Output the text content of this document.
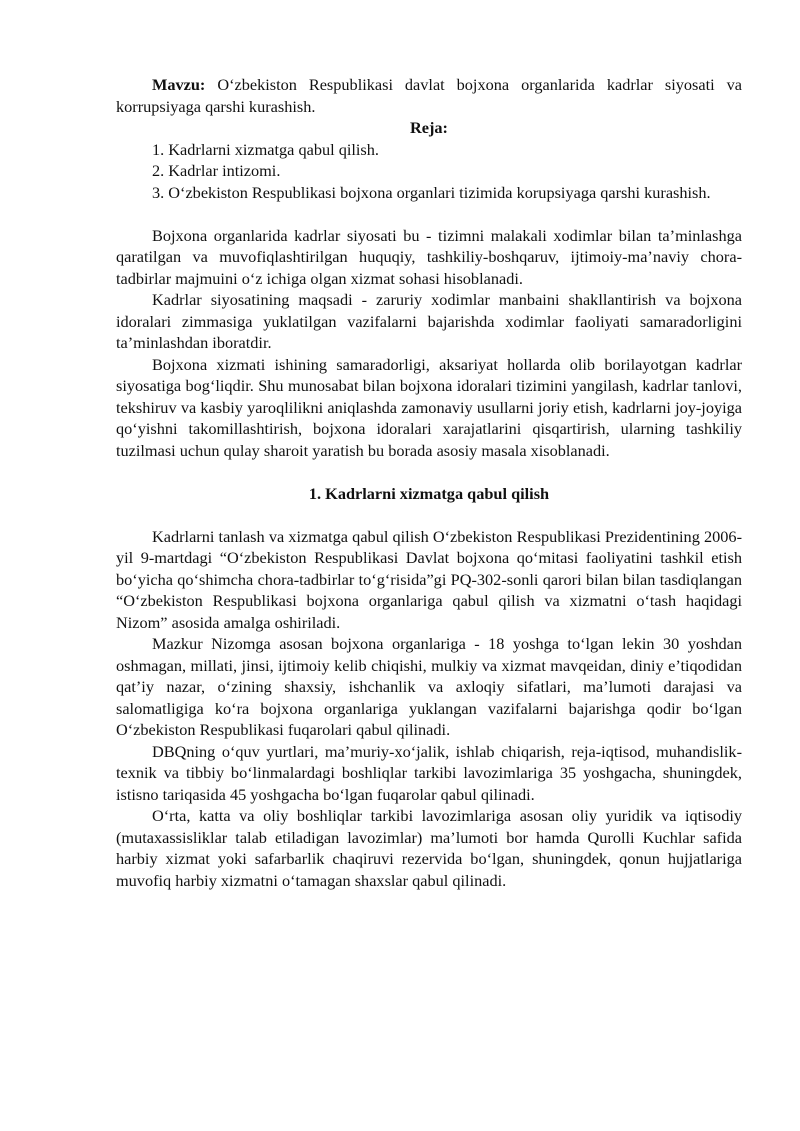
Mavzu: O‘zbekiston Respublikasi davlat bojxona organlarida kadrlar siyosati va korrupsiyaga qarshi kurashish.

Reja:

1. Kadrlarni xizmatga qabul qilish.

2. Kadrlar intizomi.

3. O‘zbekiston Respublikasi bojxona organlari tizimida korupsiyaga qarshi kurashish.

Bojxona organlarida kadrlar siyosati bu - tizimni malakali xodimlar bilan ta’minlashga qaratilgan va muvofiqlashtirilgan huquqiy, tashkiliy-boshqaruv, ijtimoiy-ma’naviy chora-tadbirlar majmuini o‘z ichiga olgan xizmat sohasi hisoblanadi.

Kadrlar siyosatining maqsadi - zaruriy xodimlar manbaini shakllantirish va bojxona idoralari zimmasiga yuklatilgan vazifalarni bajarishda xodimlar faoliyati samaradorligini ta’minlashdan iboratdir.

Bojxona xizmati ishining samaradorligi, aksariyat hollarda olib borilayotgan kadrlar siyosatiga bog‘liqdir. Shu munosabat bilan bojxona idoralari tizimini yangilash, kadrlar tanlovi, tekshiruv va kasbiy yaroqlilikni aniqlashda zamonaviy usullarni joriy etish, kadrlarni joy-joyiga qo‘yishni takomillashtirish, bojxona idoralari xarajatlarini qisqartirish, ularning tashkiliy tuzilmasi uchun qulay sharoit yaratish bu borada asosiy masala xisoblanadi.

1. Kadrlarni xizmatga qabul qilish

Kadrlarni tanlash va xizmatga qabul qilish O‘zbekiston Respublikasi Prezidentining 2006-yil 9-martdagi “O‘zbekiston Respublikasi Davlat bojxona qo‘mitasi faoliyatini tashkil etish bo‘yicha qo‘shimcha chora-tadbirlar to‘g‘risida”gi PQ-302-sonli qarori bilan bilan tasdiqlangan “O‘zbekiston Respublikasi bojxona organlariga qabul qilish va xizmatni o‘tash haqidagi Nizom” asosida amalga oshiriladi.

Mazkur Nizomga asosan bojxona organlariga - 18 yoshga to‘lgan lekin 30 yoshdan oshmagan, millati, jinsi, ijtimoiy kelib chiqishi, mulkiy va xizmat mavqeidan, diniy e’tiqodidan qat’iy nazar, o‘zining shaxsiy, ishchanlik va axloqiy sifatlari, ma’lumoti darajasi va salomatligiga ko‘ra bojxona organlariga yuklangan vazifalarni bajarishga qodir bo‘lgan O‘zbekiston Respublikasi fuqarolari qabul qilinadi.

DBQning o‘quv yurtlari, ma’muriy-xo‘jalik, ishlab chiqarish, reja-iqtisod, muhandislik-texnik va tibbiy bo‘linmalardagi boshliqlar tarkibi lavozimlariga 35 yoshgacha, shuningdek, istisno tariqasida 45 yoshgacha bo‘lgan fuqarolar qabul qilinadi.

O‘rta, katta va oliy boshliqlar tarkibi lavozimlariga asosan oliy yuridik va iqtisodiy (mutaxassisliklar talab etiladigan lavozimlar) ma’lumoti bor hamda Qurolli Kuchlar safida harbiy xizmat yoki safarbarlik chaqiruvi rezervida bo‘lgan, shuningdek, qonun hujjatlariga muvofiq harbiy xizmatni o‘tamagan shaxslar qabul qilinadi.
